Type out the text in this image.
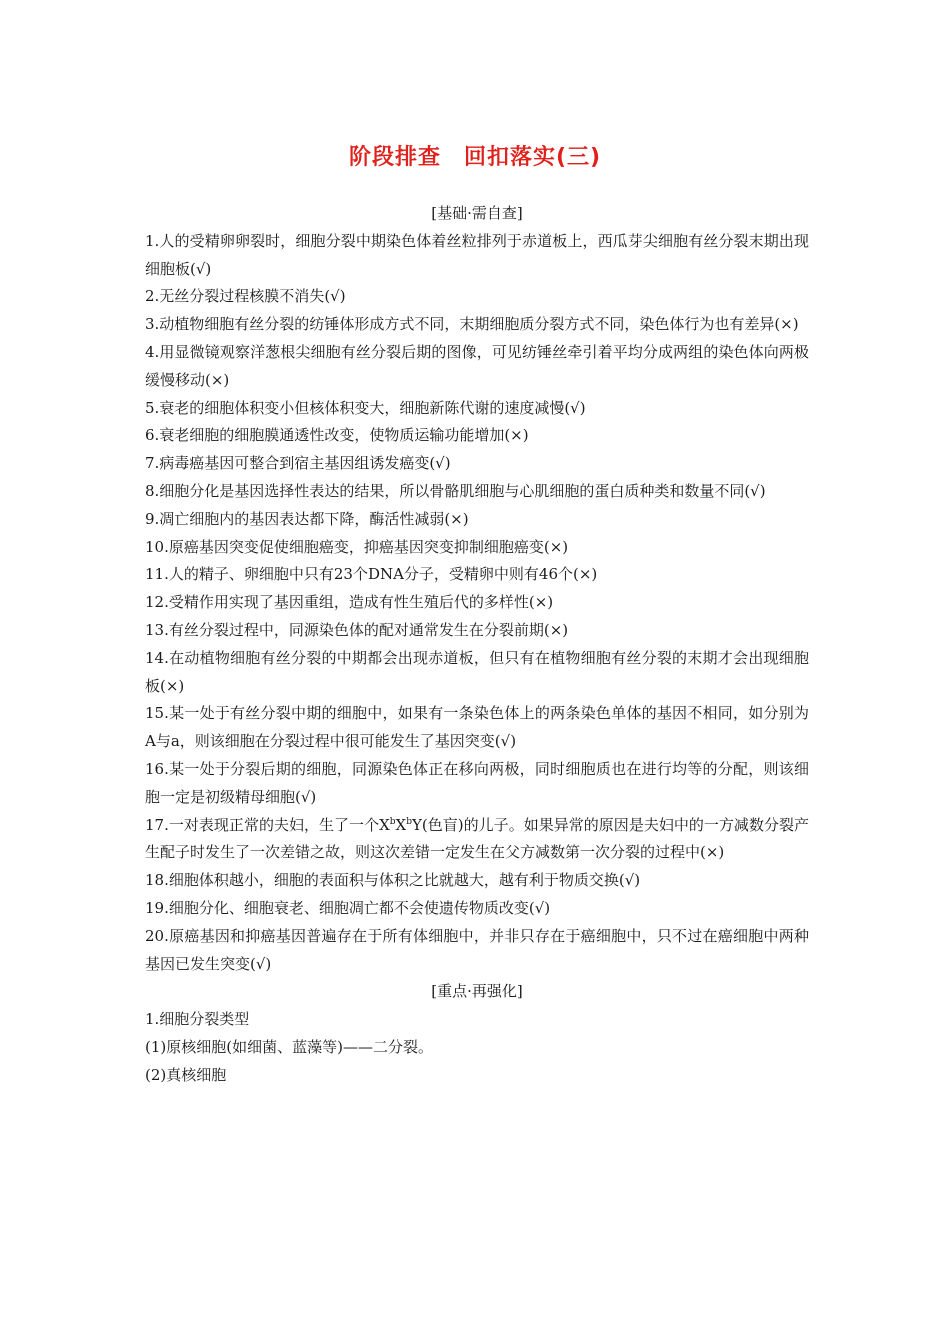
阶段排查　回扣落实(三)

[基础·需自查]

1.人的受精卵卵裂时，细胞分裂中期染色体着丝粒排列于赤道板上，西瓜芽尖细胞有丝分裂末期出现细胞板(√)

2.无丝分裂过程核膜不消失(√)

3.动植物细胞有丝分裂的纺锤体形成方式不同，末期细胞质分裂方式不同，染色体行为也有差异(×)

4.用显微镜观察洋葱根尖细胞有丝分裂后期的图像，可见纺锤丝牵引着平均分成两组的染色体向两极缓慢移动(×)

5.衰老的细胞体积变小但核体积变大，细胞新陈代谢的速度减慢(√)

6.衰老细胞的细胞膜通透性改变，使物质运输功能增加(×)

7.病毒癌基因可整合到宿主基因组诱发癌变(√)

8.细胞分化是基因选择性表达的结果，所以骨骼肌细胞与心肌细胞的蛋白质种类和数量不同(√)

9.凋亡细胞内的基因表达都下降，酶活性减弱(×)

10.原癌基因突变促使细胞癌变，抑癌基因突变抑制细胞癌变(×)

11.人的精子、卵细胞中只有23个DNA分子，受精卵中则有46个(×)

12.受精作用实现了基因重组，造成有性生殖后代的多样性(×)

13.有丝分裂过程中，同源染色体的配对通常发生在分裂前期(×)

14.在动植物细胞有丝分裂的中期都会出现赤道板，但只有在植物细胞有丝分裂的末期才会出现细胞板(×)

15.某一处于有丝分裂中期的细胞中，如果有一条染色体上的两条染色单体的基因不相同，如分别为A与a，则该细胞在分裂过程中很可能发生了基因突变(√)

16.某一处于分裂后期的细胞，同源染色体正在移向两极，同时细胞质也在进行均等的分配，则该细胞一定是初级精母细胞(√)

17.一对表现正常的夫妇，生了一个$X^bX^bY$(色盲)的儿子。如果异常的原因是夫妇中的一方减数分裂产生配子时发生了一次差错之故，则这次差错一定发生在父方减数第一次分裂的过程中(×)

18.细胞体积越小，细胞的表面积与体积之比就越大，越有利于物质交换(√)

19.细胞分化、细胞衰老、细胞凋亡都不会使遗传物质改变(√)

20.原癌基因和抑癌基因普遍存在于所有体细胞中，并非只存在于癌细胞中，只不过在癌细胞中两种基因已发生突变(√)

[重点·再强化]

1.细胞分裂类型

(1)原核细胞(如细菌、蓝藻等)——二分裂。

(2)真核细胞
